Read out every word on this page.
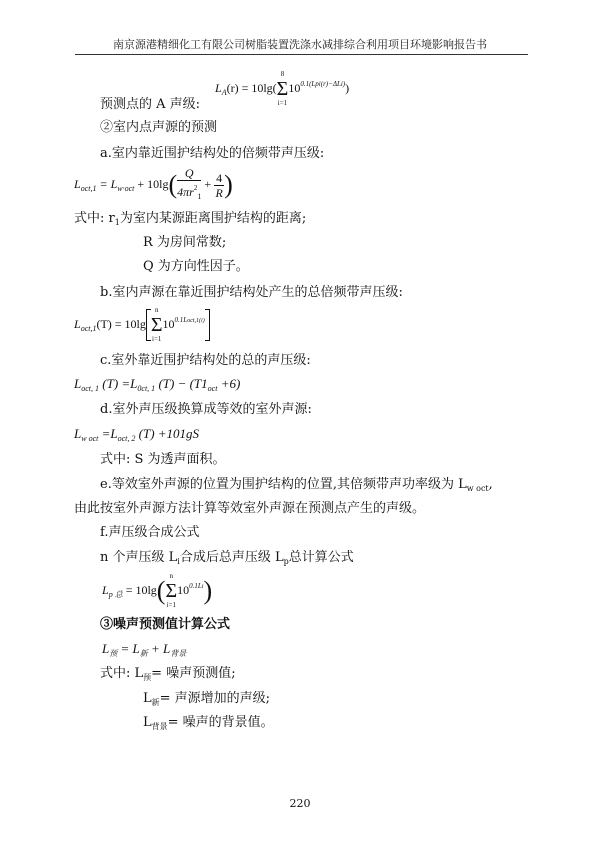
南京源港精细化工有限公司树脂装置洗涤水减排综合利用项目环境影响报告书
$L_A(r) = 10\lg$(
8
Σ
i=1
$10^{0.1(Lpi(r)-\Delta Li)}$)
预测点的 A 声级:
②室内点声源的预测
a.室内靠近围护结构处的倍频带声压级:
$L_{oct,1} = L_{w\cdot oct} + 10\lg( \frac{Q}{4\pi r^2_1} + \frac{4}{R}$ )
式中: $r_1$为室内某源距离围护结构的距离;
R 为房间常数;
Q 为方向性因子。
b.室内声源在靠近围护结构处产生的总倍频带声压级:
$L_{oct,1}(T) = 10\lg$
n
Σ
i=1
$10^{0.1Loct,1(i)}$
c.室外靠近围护结构处的总的声压级:
$L_{oct, 1}$ $(T) =L_{0ct, 1}$ $(T) - (T1_{oct} +6)$
d.室外声压级换算成等效的室外声源:
$L_{w oct} =L_{oct, 2}$ (T) +101gS
式中: S 为透声面积。
e.等效室外声源的位置为围护结构的位置,其倍频带声功率级为 $L_{w oct}$,
由此按室外声源方法计算等效室外声源在预测点产生的声级。
f.声压级合成公式
n 个声压级 $L_i$合成后总声压级 $L_p$总计算公式
$L_{p 总} = 10\lg$( n
Σ
i=1
$10^{0.1Li}$)
③噪声预测值计算公式
$L_预 = L_新 + L_{背景}$
式中: $L_预=$ 噪声预测值;
$L_新=$ 声源增加的声级;
$L_{背景}=$ 噪声的背景值。
220
